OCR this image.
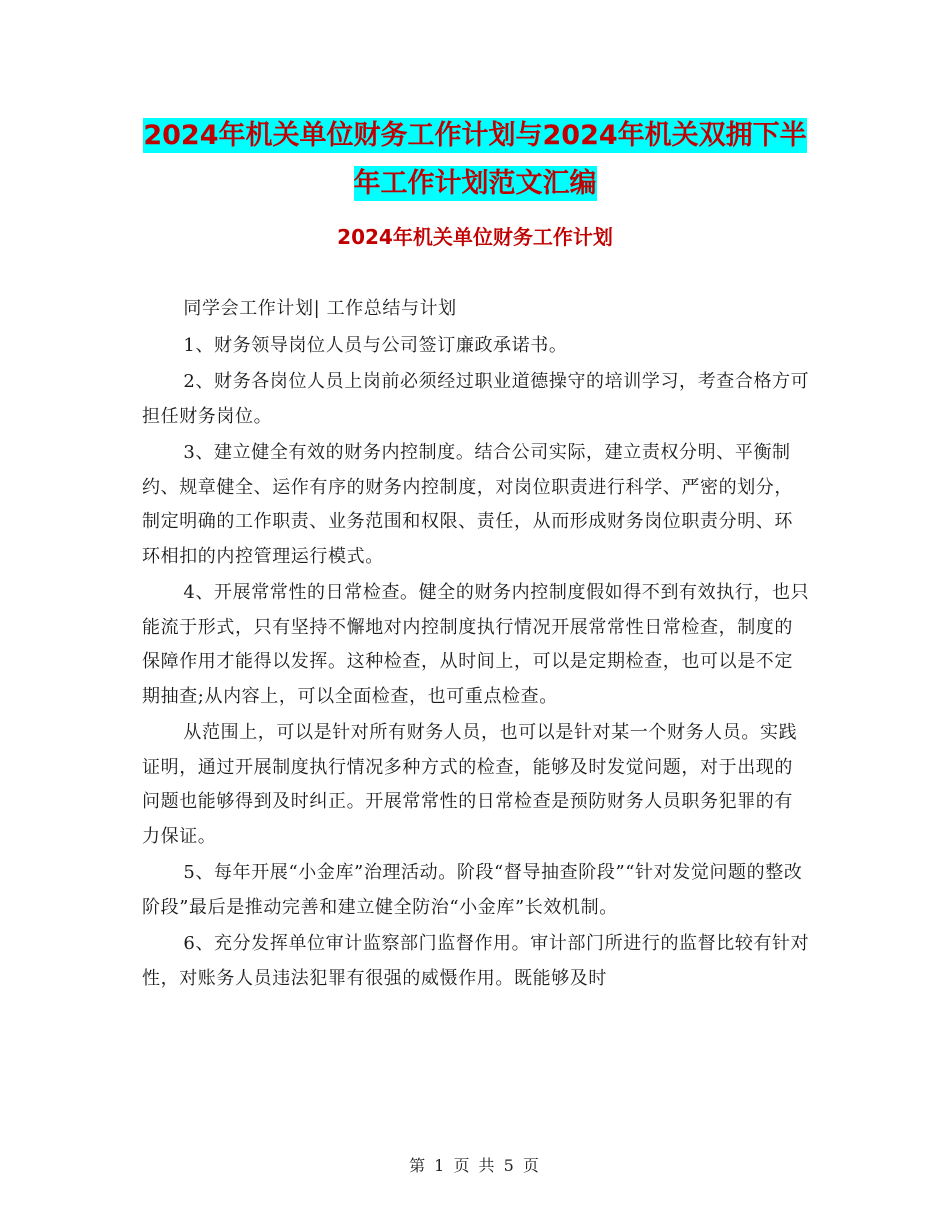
2024年机关单位财务工作计划与2024年机关双拥下半
年工作计划范文汇编
2024年机关单位财务工作计划

同学会工作计划| 工作总结与计划

1、财务领导岗位人员与公司签订廉政承诺书。

2、财务各岗位人员上岗前必须经过职业道德操守的培训学习，考查合格方可担任财务岗位。

3、建立健全有效的财务内控制度。结合公司实际，建立责权分明、平衡制约、规章健全、运作有序的财务内控制度，对岗位职责进行科学、严密的划分，制定明确的工作职责、业务范围和权限、责任，从而形成财务岗位职责分明、环环相扣的内控管理运行模式。

4、开展常常性的日常检查。健全的财务内控制度假如得不到有效执行，也只能流于形式，只有坚持不懈地对内控制度执行情况开展常常性日常检查，制度的保障作用才能得以发挥。这种检查，从时间上，可以是定期检查，也可以是不定期抽查;从内容上，可以全面检查，也可重点检查。

从范围上，可以是针对所有财务人员，也可以是针对某一个财务人员。实践证明，通过开展制度执行情况多种方式的检查，能够及时发觉问题，对于出现的问题也能够得到及时纠正。开展常常性的日常检查是预防财务人员职务犯罪的有力保证。

5、每年开展“小金库”治理活动。阶段“督导抽查阶段”“针对发觉问题的整改阶段”最后是推动完善和建立健全防治“小金库”长效机制。

6、充分发挥单位审计监察部门监督作用。审计部门所进行的监督比较有针对性，对账务人员违法犯罪有很强的威慑作用。既能够及时

第 1 页 共 5 页
